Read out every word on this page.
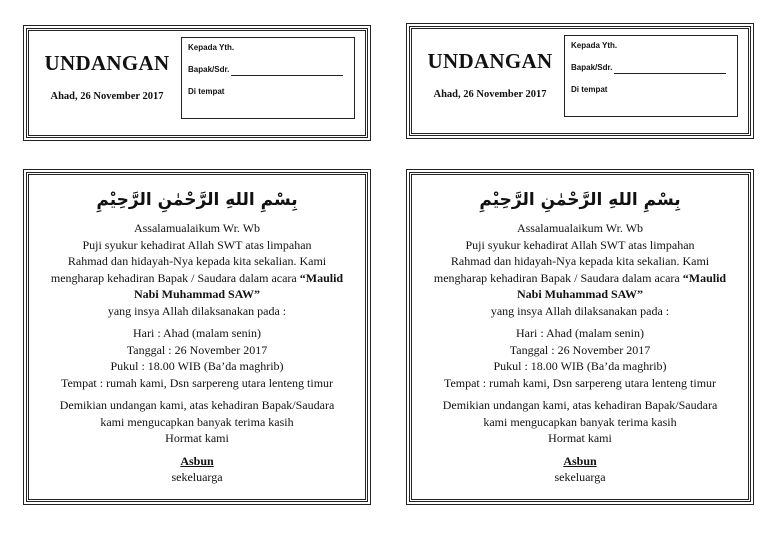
UNDANGAN
Ahad, 26 November 2017
Kepada Yth.
Bapak/Sdr.
Di tempat
UNDANGAN
Ahad, 26 November 2017
Kepada Yth.
Bapak/Sdr.
Di tempat
بِسْمِ اللهِ الرَّحْمٰنِ الرَّحِيْمِ

Assalamualaikum Wr. Wb

Puji syukur kehadirat Allah SWT atas limpahan

Rahmad dan hidayah-Nya kepada kita sekalian. Kami

mengharap kehadiran Bapak / Saudara dalam acara “Maulid

Nabi Muhammad SAW”

yang insya Allah dilaksanakan pada :

Hari : Ahad (malam senin)

Tanggal : 26 November 2017

Pukul : 18.00 WIB (Ba’da maghrib)

Tempat : rumah kami, Dsn sarpereng utara lenteng timur

Demikian undangan kami, atas kehadiran Bapak/Saudara

kami mengucapkan banyak terima kasih

Hormat kami

Asbun

sekeluarga

بِسْمِ اللهِ الرَّحْمٰنِ الرَّحِيْمِ

Assalamualaikum Wr. Wb

Puji syukur kehadirat Allah SWT atas limpahan

Rahmad dan hidayah-Nya kepada kita sekalian. Kami

mengharap kehadiran Bapak / Saudara dalam acara “Maulid

Nabi Muhammad SAW”

yang insya Allah dilaksanakan pada :

Hari : Ahad (malam senin)

Tanggal : 26 November 2017

Pukul : 18.00 WIB (Ba’da maghrib)

Tempat : rumah kami, Dsn sarpereng utara lenteng timur

Demikian undangan kami, atas kehadiran Bapak/Saudara

kami mengucapkan banyak terima kasih

Hormat kami

Asbun

sekeluarga
